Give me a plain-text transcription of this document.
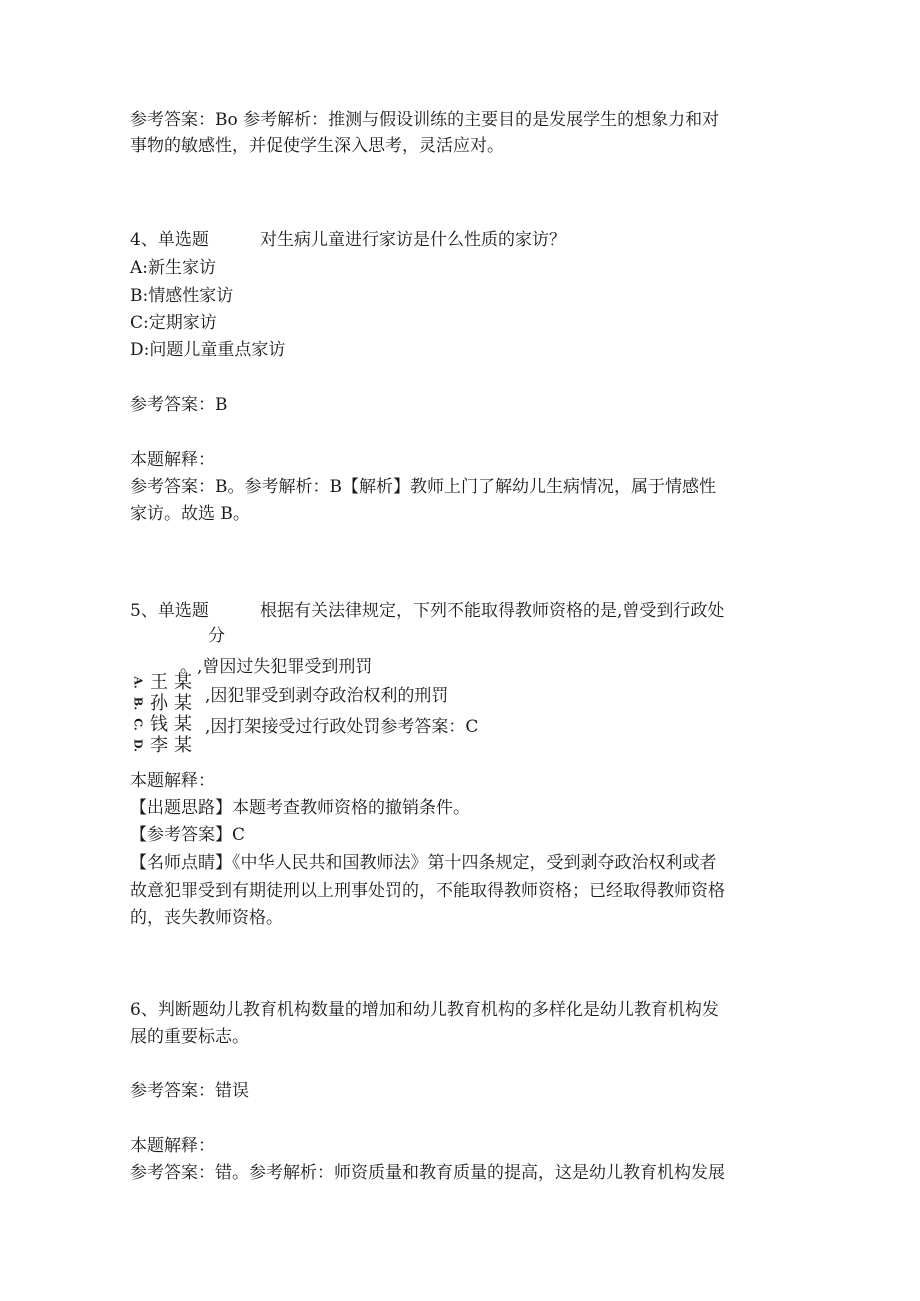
参考答案：Bo 参考解析：推测与假设训练的主要目的是发展学生的想象力和对
事物的敏感性，并促使学生深入思考，灵活应对。
4、单选题	对生病儿童进行家访是什么性质的家访？
A:新生家访
B:情感性家访
C:定期家访
D:问题儿童重点家访
参考答案：B
本题解释：
参考答案：B。参考解析：B【解析】教师上门了解幼儿生病情况，属于情感性
家访。故选 B。
5、单选题	根据有关法律规定，下列不能取得教师资格的是,曾受到行政处
分
。,曾因过失犯罪受到刑罚
A.
B.
C.
D.
王某
孙某
钱某
李某
,因犯罪受到剥夺政治权利的刑罚
,因打架接受过行政处罚参考答案：C
本题解释：
【出题思路】本题考查教师资格的撤销条件。
【参考答案】C
【名师点睛】《中华人民共和国教师法》第十四条规定，受到剥夺政治权利或者
故意犯罪受到有期徒刑以上刑事处罚的，不能取得教师资格；已经取得教师资格
的，丧失教师资格。
6、判断题幼儿教育机构数量的增加和幼儿教育机构的多样化是幼儿教育机构发
展的重要标志。
参考答案：错误
本题解释：
参考答案：错。参考解析：师资质量和教育质量的提高，这是幼儿教育机构发展
